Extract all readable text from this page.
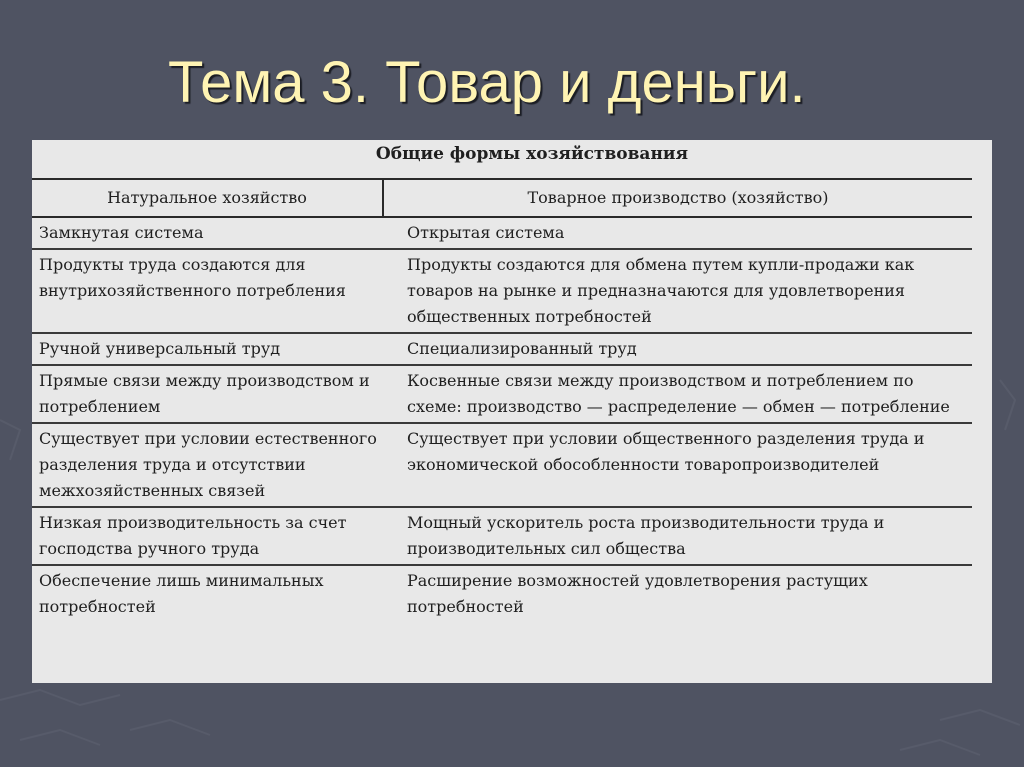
Тема 3. Товар и деньги.
Общие формы хозяйствования
Натуральное хозяйство	Товарное производство (хозяйство)
Замкнутая система	Открытая система
Продукты труда создаются для внутрихозяйственного потребления	Продукты создаются для обмена путем купли-продажи как товаров на рынке и предназначаются для удовлетворения общественных потребностей
Ручной универсальный труд	Специализированный труд
Прямые связи между производством и потреблением	Косвенные связи между производством и потреблением по схеме: производство — распределение — обмен — потребление
Существует при условии естественного разделения труда и отсутствии межхозяйственных связей	Существует при условии общественного разделения труда и экономической обособленности товаропроизводителей
Низкая производительность за счет господства ручного труда	Мощный ускоритель роста производительности труда и производительных сил общества
Обеспечение лишь минимальных потребностей	Расширение возможностей удовлетворения растущих потребностей
